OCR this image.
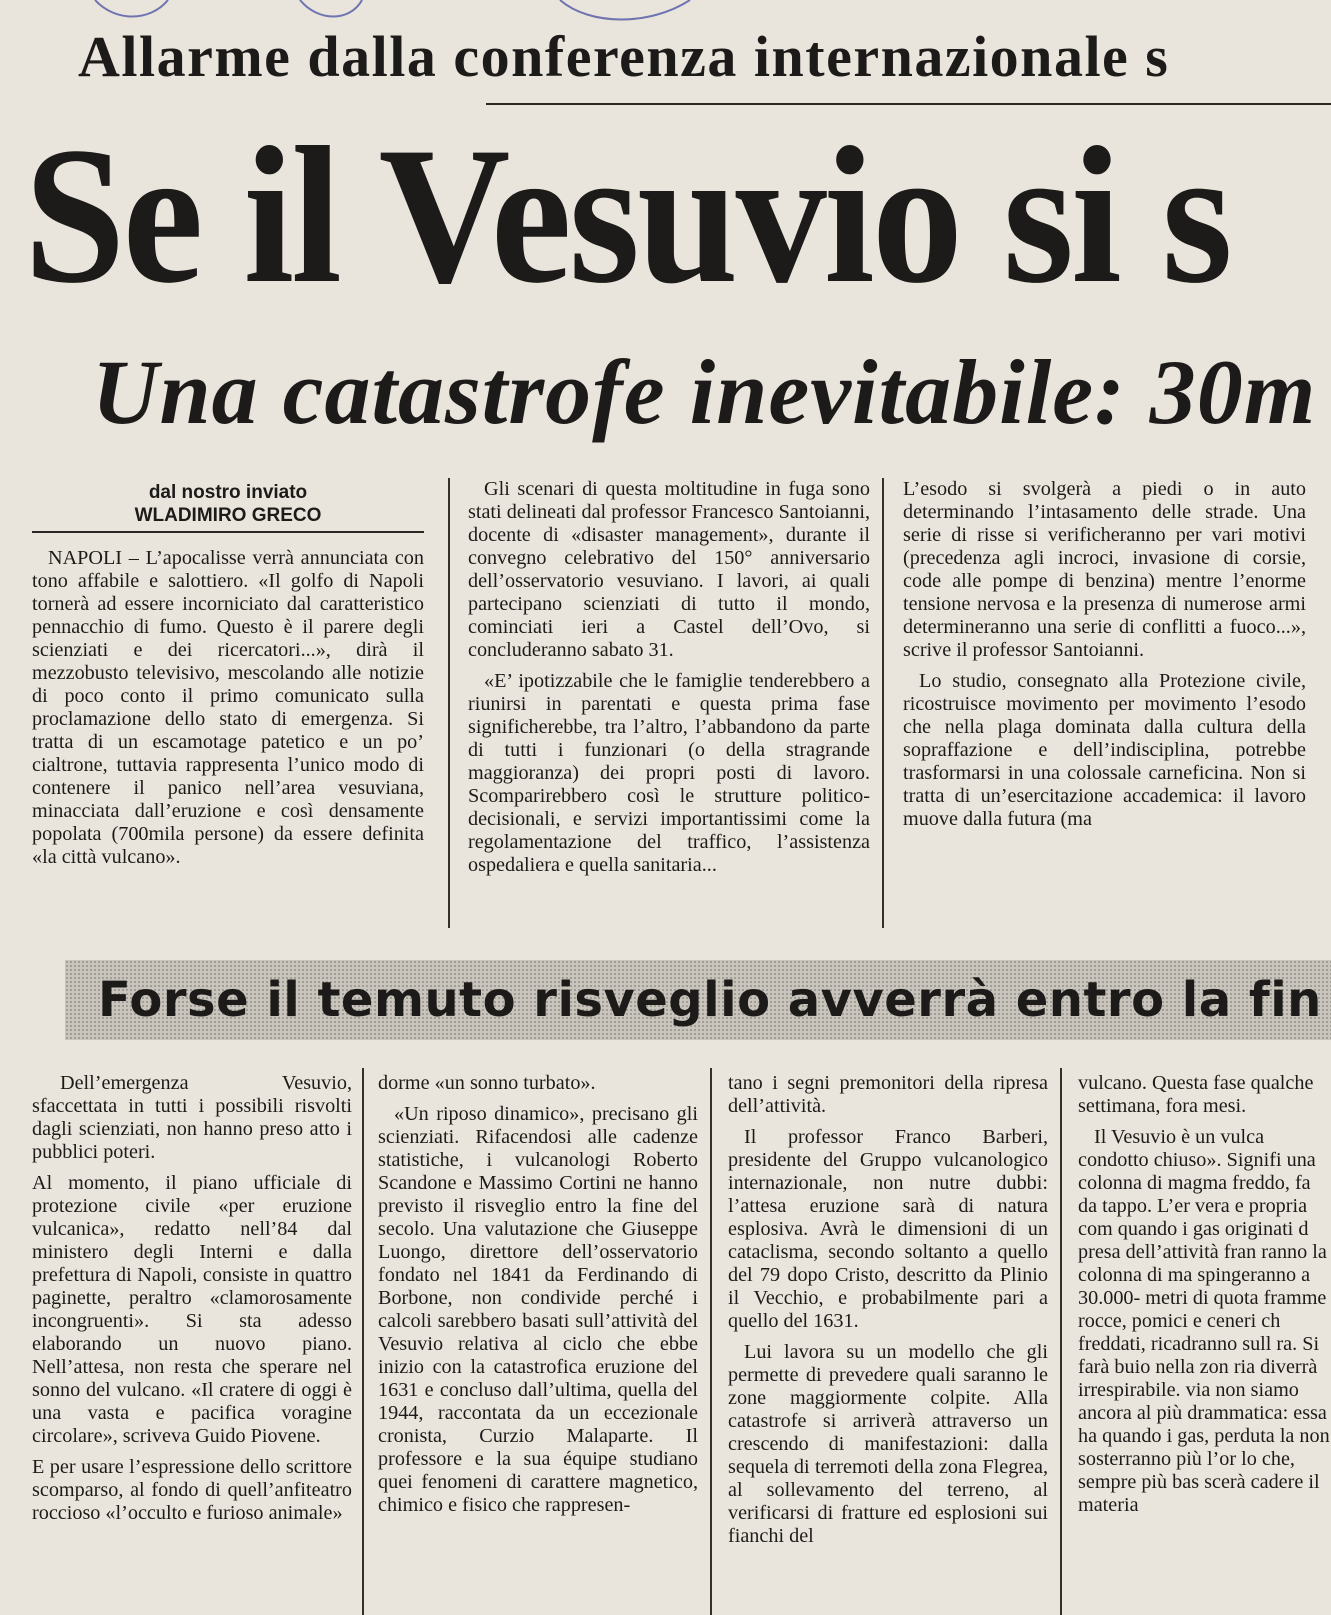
Allarme dalla conferenza internazionale s
Se il Vesuvio si s
Una catastrofe inevitabile: 30m
dal nostro inviato
WLADIMIRO GRECO

NAPOLI – L’apocalisse verrà annunciata con tono affabile e salottiero. «Il golfo di Napoli tornerà ad essere incorniciato dal caratteristico pennacchio di fumo. Questo è il parere degli scienziati e dei ricercatori...», dirà il mezzobusto televisivo, mescolando alle notizie di poco conto il primo comunicato sulla proclamazione dello stato di emergenza. Si tratta di un escamotage patetico e un po’ cialtrone, tuttavia rappresenta l’unico modo di contenere il panico nell’area vesuviana, minacciata dall’eruzione e così densamente popolata (700mila persone) da essere definita «la città vulcano».

Gli scenari di questa moltitudine in fuga sono stati delineati dal professor Francesco Santoianni, docente di «disaster management», durante il convegno celebrativo del 150° anniversario dell’osservatorio vesuviano. I lavori, ai quali partecipano scienziati di tutto il mondo, cominciati ieri a Castel dell’Ovo, si concluderanno sabato 31.

«E’ ipotizzabile che le famiglie tenderebbero a riunirsi in parentati e questa prima fase significherebbe, tra l’altro, l’abbandono da parte di tutti i funzionari (o della stragrande maggioranza) dei propri posti di lavoro. Scomparirebbero così le strutture politico-decisionali, e servizi importantissimi come la regolamentazione del traffico, l’assistenza ospedaliera e quella sanitaria...

L’esodo si svolgerà a piedi o in auto determinando l’intasamento delle strade. Una serie di risse si verificheranno per vari motivi (precedenza agli incroci, invasione di corsie, code alle pompe di benzina) mentre l’enorme tensione nervosa e la presenza di numerose armi determineranno una serie di conflitti a fuoco...», scrive il professor Santoianni.

Lo studio, consegnato alla Protezione civile, ricostruisce movimento per movimento l’esodo che nella plaga dominata dalla cultura della sopraffazione e dell’indisciplina, potrebbe trasformarsi in una colossale carneficina. Non si tratta di un’esercitazione accademica: il lavoro muove dalla futura (ma

Forse il temuto risveglio avverrà entro la fin

Dell’emergenza Vesuvio, sfaccettata in tutti i possibili risvolti dagli scienziati, non hanno preso atto i pubblici poteri.

Al momento, il piano ufficiale di protezione civile «per eruzione vulcanica», redatto nell’84 dal ministero degli Interni e dalla prefettura di Napoli, consiste in quattro paginette, peraltro «clamorosamente incongruenti». Si sta adesso elaborando un nuovo piano. Nell’attesa, non resta che sperare nel sonno del vulcano. «Il cratere di oggi è una vasta e pacifica voragine circolare», scriveva Guido Piovene.

E per usare l’espressione dello scrittore scomparso, al fondo di quell’anfiteatro roccioso «l’occulto e furioso animale»

dorme «un sonno turbato».

«Un riposo dinamico», precisano gli scienziati. Rifacendosi alle cadenze statistiche, i vulcanologi Roberto Scandone e Massimo Cortini ne hanno previsto il risveglio entro la fine del secolo. Una valutazione che Giuseppe Luongo, direttore dell’osservatorio fondato nel 1841 da Ferdinando di Borbone, non condivide perché i calcoli sarebbero basati sull’attività del Vesuvio relativa al ciclo che ebbe inizio con la catastrofica eruzione del 1631 e concluso dall’ultima, quella del 1944, raccontata da un eccezionale cronista, Curzio Malaparte. Il professore e la sua équipe studiano quei fenomeni di carattere magnetico, chimico e fisico che rappresen-

tano i segni premonitori della ripresa dell’attività.

Il professor Franco Barberi, presidente del Gruppo vulcanologico internazionale, non nutre dubbi: l’attesa eruzione sarà di natura esplosiva. Avrà le dimensioni di un cataclisma, secondo soltanto a quello del 79 dopo Cristo, descritto da Plinio il Vecchio, e probabilmente pari a quello del 1631.

Lui lavora su un modello che gli permette di prevedere quali saranno le zone maggiormente colpite. Alla catastrofe si arriverà attraverso un crescendo di manifestazioni: dalla sequela di terremoti della zona Flegrea, al sollevamento del terreno, al verificarsi di fratture ed esplosioni sui fianchi del

vulcano. Questa fase qualche settimana, fora mesi.

Il Vesuvio è un vulca condotto chiuso». Signifi una colonna di magma freddo, fa da tappo. L’er vera e propria com quando i gas originati d presa dell’attività fran ranno la colonna di ma spingeranno a 30.000- metri di quota framme rocce, pomici e ceneri ch freddati, ricadranno sull ra. Si farà buio nella zon ria diverrà irrespirabile. via non siamo ancora al più drammatica: essa ha quando i gas, perduta la non sosterranno più l’or lo che, sempre più bas scerà cadere il materia
